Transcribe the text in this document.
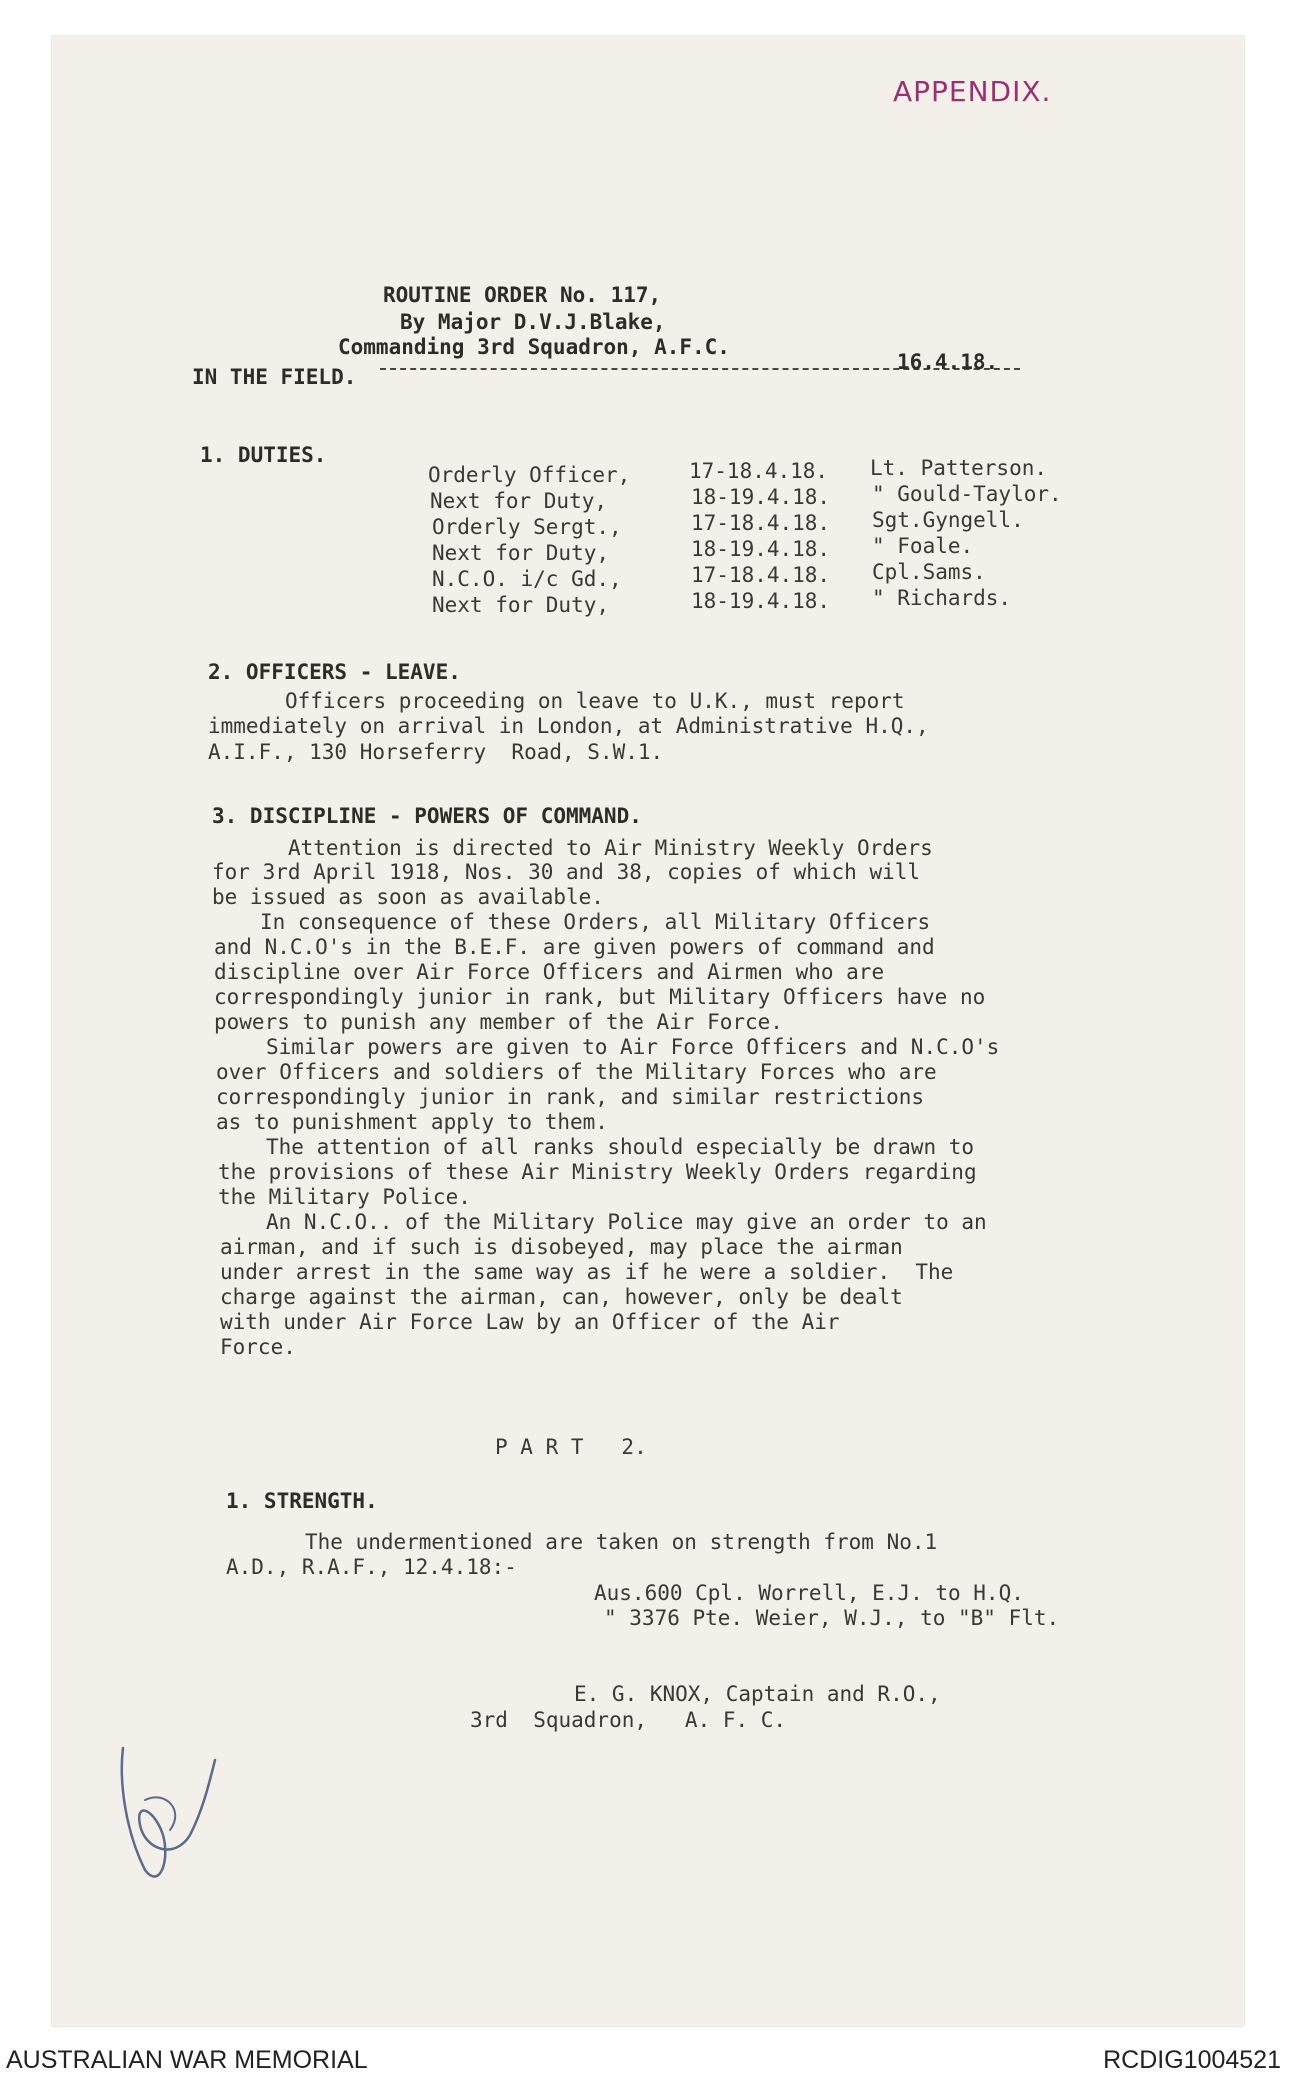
APPENDIX.
ROUTINE ORDER No. 117,
By Major D.V.J.Blake,
Commanding 3rd Squadron, A.F.C.
IN THE FIELD.
16.4.18.
1. DUTIES.
Orderly Officer,	17-18.4.18. Lt. Patterson.
Next for Duty,	18-19.4.18. " Gould-Taylor.
Orderly Sergt.,	17-18.4.18. Sgt.Gyngell.
Next for Duty,	18-19.4.18. " Foale.
N.C.O. i/c Gd.,	17-18.4.18. Cpl.Sams.
Next for Duty,	18-19.4.18. " Richards.
2. OFFICERS - LEAVE.
Officers proceeding on leave to U.K., must report
immediately on arrival in London, at Administrative H.Q.,
A.I.F., 130 Horseferry  Road, S.W.1.
3. DISCIPLINE - POWERS OF COMMAND.
Attention is directed to Air Ministry Weekly Orders
for 3rd April 1918, Nos. 30 and 38, copies of which will
be issued as soon as available.
In consequence of these Orders, all Military Officers
and N.C.O's in the B.E.F. are given powers of command and
discipline over Air Force Officers and Airmen who are
correspondingly junior in rank, but Military Officers have no
powers to punish any member of the Air Force.
Similar powers are given to Air Force Officers and N.C.O's
over Officers and soldiers of the Military Forces who are
correspondingly junior in rank, and similar restrictions
as to punishment apply to them.
The attention of all ranks should especially be drawn to
the provisions of these Air Ministry Weekly Orders regarding
the Military Police.
An N.C.O.. of the Military Police may give an order to an
airman, and if such is disobeyed, may place the airman
under arrest in the same way as if he were a soldier.  The
charge against the airman, can, however, only be dealt
with under Air Force Law by an Officer of the Air
Force.
P A R T   2.
1. STRENGTH.
The undermentioned are taken on strength from No.1
A.D., R.A.F., 12.4.18:-
Aus.600 Cpl. Worrell, E.J. to H.Q.
" 3376 Pte. Weier, W.J., to "B" Flt.
E. G. KNOX, Captain and R.O.,
3rd  Squadron,   A. F. C.
AUSTRALIAN WAR MEMORIAL	RCDIG1004521
